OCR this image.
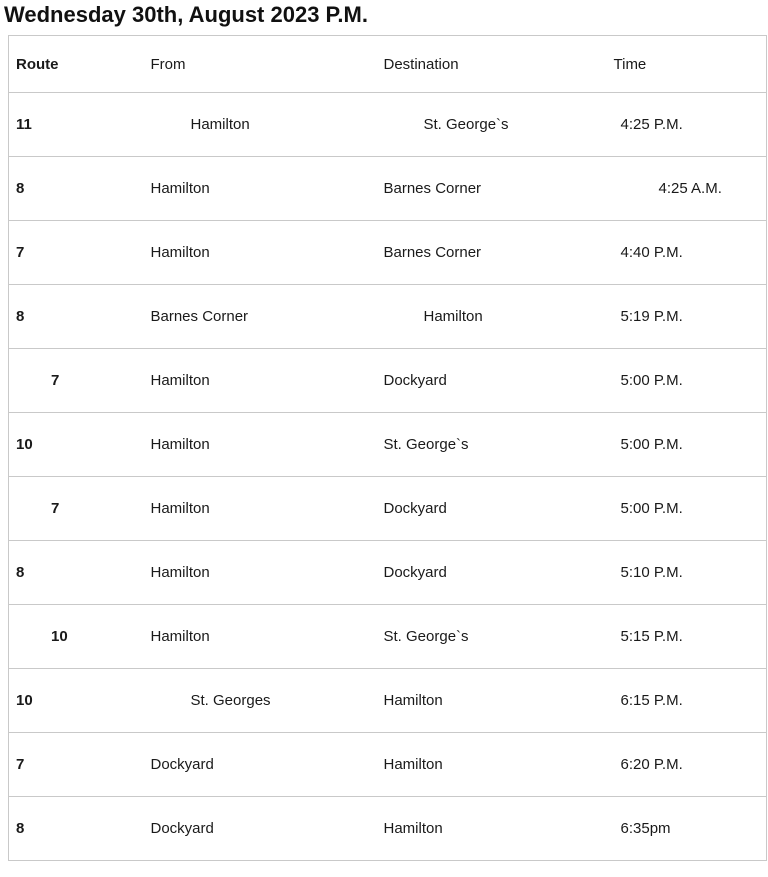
Wednesday 30th, August 2023 P.M.
Route	From	Destination	Time
11	Hamilton	St. George`s	4:25 P.M.
8	Hamilton	Barnes Corner	4:25 A.M.
7	Hamilton	Barnes Corner	4:40 P.M.
8	Barnes Corner	Hamilton	5:19 P.M.
7	Hamilton	Dockyard	5:00 P.M.
10	Hamilton	St. George`s	5:00 P.M.
7	Hamilton	Dockyard	5:00 P.M.
8	Hamilton	Dockyard	5:10 P.M.
10	Hamilton	St. George`s	5:15 P.M.
10	St. Georges	Hamilton	6:15 P.M.
7	Dockyard	Hamilton	6:20 P.M.
8	Dockyard	Hamilton	6:35pm
